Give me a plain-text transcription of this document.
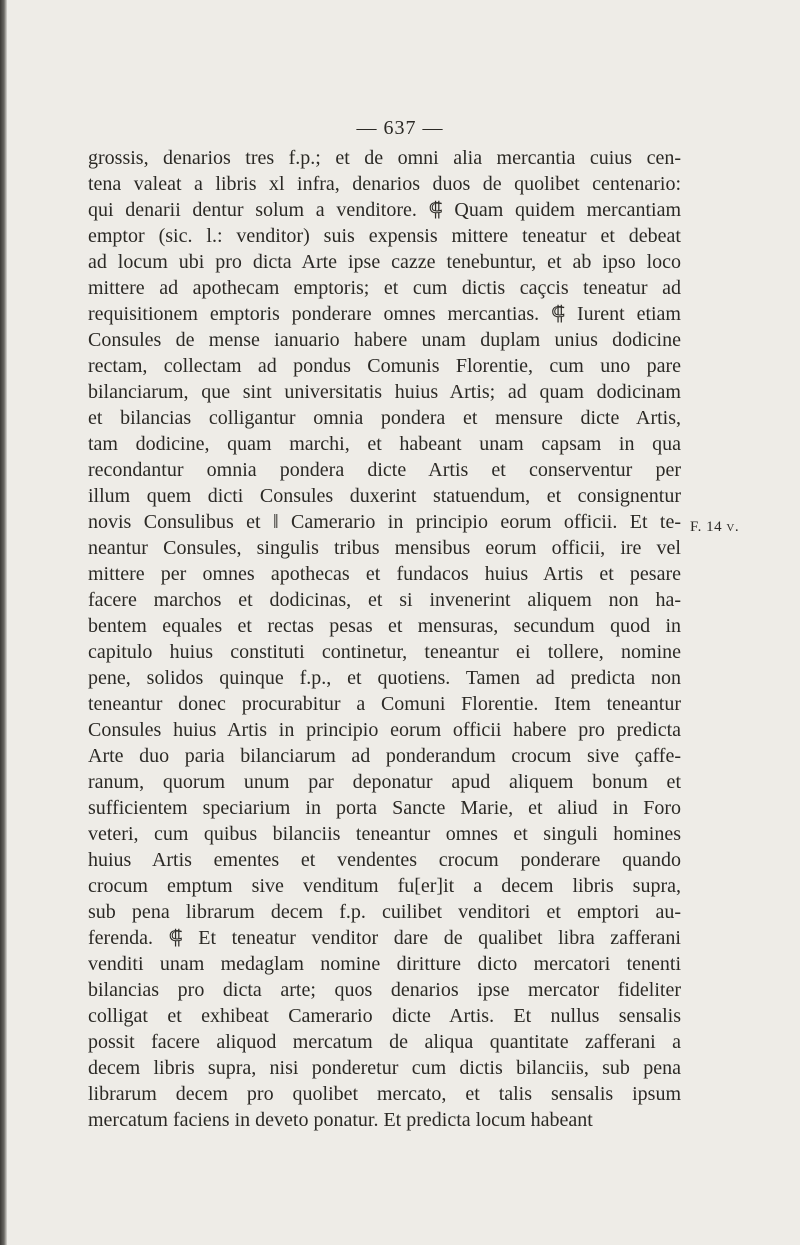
— 637 —
grossis, denarios tres f.p.; et de omni alia mercantia cuius cen-
tena valeat a libris xl infra, denarios duos de quolibet centenario:
qui denarii dentur solum a venditore. ⸿ Quam quidem mercantiam
emptor (sic. l.: venditor) suis expensis mittere teneatur et debeat
ad locum ubi pro dicta Arte ipse cazze tenebuntur, et ab ipso loco
mittere ad apothecam emptoris; et cum dictis caçcis teneatur ad
requisitionem emptoris ponderare omnes mercantias. ⸿ Iurent etiam
Consules de mense ianuario habere unam duplam unius dodicine
rectam, collectam ad pondus Comunis Florentie, cum uno pare
bilanciarum, que sint universitatis huius Artis; ad quam dodicinam
et bilancias colligantur omnia pondera et mensure dicte Artis,
tam dodicine, quam marchi, et habeant unam capsam in qua
recondantur omnia pondera dicte Artis et conserventur per
illum quem dicti Consules duxerint statuendum, et consignentur
novis Consulibus et ‖ Camerario in principio eorum officii. Et te-
neantur Consules, singulis tribus mensibus eorum officii, ire vel
mittere per omnes apothecas et fundacos huius Artis et pesare
facere marchos et dodicinas, et si invenerint aliquem non ha-
bentem equales et rectas pesas et mensuras, secundum quod in
capitulo huius constituti continetur, teneantur ei tollere, nomine
pene, solidos quinque f.p., et quotiens. Tamen ad predicta non
teneantur donec procurabitur a Comuni Florentie. Item teneantur
Consules huius Artis in principio eorum officii habere pro predicta
Arte duo paria bilanciarum ad ponderandum crocum sive çaffe-
ranum, quorum unum par deponatur apud aliquem bonum et
sufficientem speciarium in porta Sancte Marie, et aliud in Foro
veteri, cum quibus bilanciis teneantur omnes et singuli homines
huius Artis ementes et vendentes crocum ponderare quando
crocum emptum sive venditum fu[er]it a decem libris supra,
sub pena librarum decem f.p. cuilibet venditori et emptori au-
ferenda. ⸿ Et teneatur venditor dare de qualibet libra zafferani
venditi unam medaglam nomine diritture dicto mercatori tenenti
bilancias pro dicta arte; quos denarios ipse mercator fideliter
colligat et exhibeat Camerario dicte Artis. Et nullus sensalis
possit facere aliquod mercatum de aliqua quantitate zafferani a
decem libris supra, nisi ponderetur cum dictis bilanciis, sub pena
librarum decem pro quolibet mercato, et talis sensalis ipsum
mercatum faciens in deveto ponatur. Et predicta locum habeant
F. 14 v.
